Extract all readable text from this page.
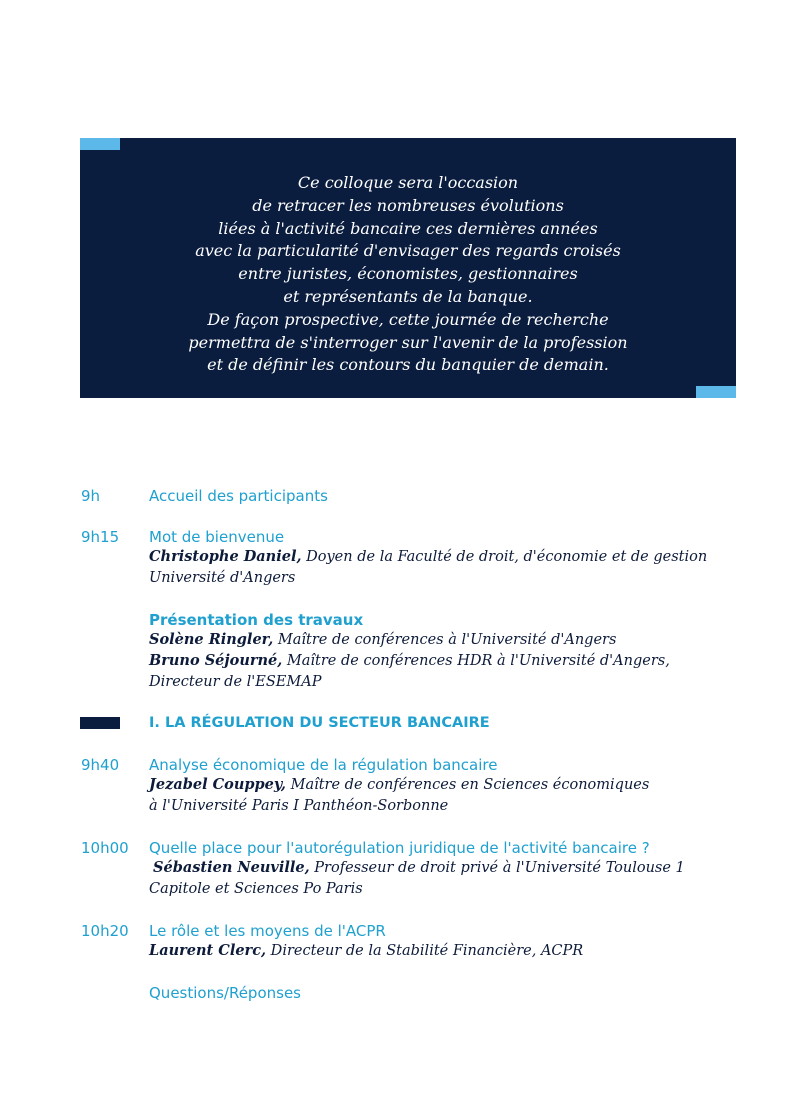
Ce colloque sera l'occasion
de retracer les nombreuses évolutions
liées à l'activité bancaire ces dernières années
avec la particularité d'envisager des regards croisés
entre juristes, économistes, gestionnaires
et représentants de la banque.
De façon prospective, cette journée de recherche
permettra de s'interroger sur l'avenir de la profession
et de définir les contours du banquier de demain.
9h	Accueil des participants
9h15 Mot de bienvenue
Christophe Daniel, Doyen de la Faculté de droit, d'économie et de gestion
Université d'Angers
Présentation des travaux
Solène Ringler, Maître de conférences à l'Université d'Angers
Bruno Séjourné, Maître de conférences HDR à l'Université d'Angers,
Directeur de l'ESEMAP
I. LA RÉGULATION DU SECTEUR BANCAIRE
9h40 Analyse économique de la régulation bancaire
Jezabel Couppey, Maître de conférences en Sciences économiques
à l'Université Paris I Panthéon-Sorbonne
10h00 Quelle place pour l'autorégulation juridique de l'activité bancaire ?
Sébastien Neuville, Professeur de droit privé à l'Université Toulouse 1
Capitole et Sciences Po Paris
10h20 Le rôle et les moyens de l'ACPR
Laurent Clerc, Directeur de la Stabilité Financière, ACPR
Questions/Réponses
